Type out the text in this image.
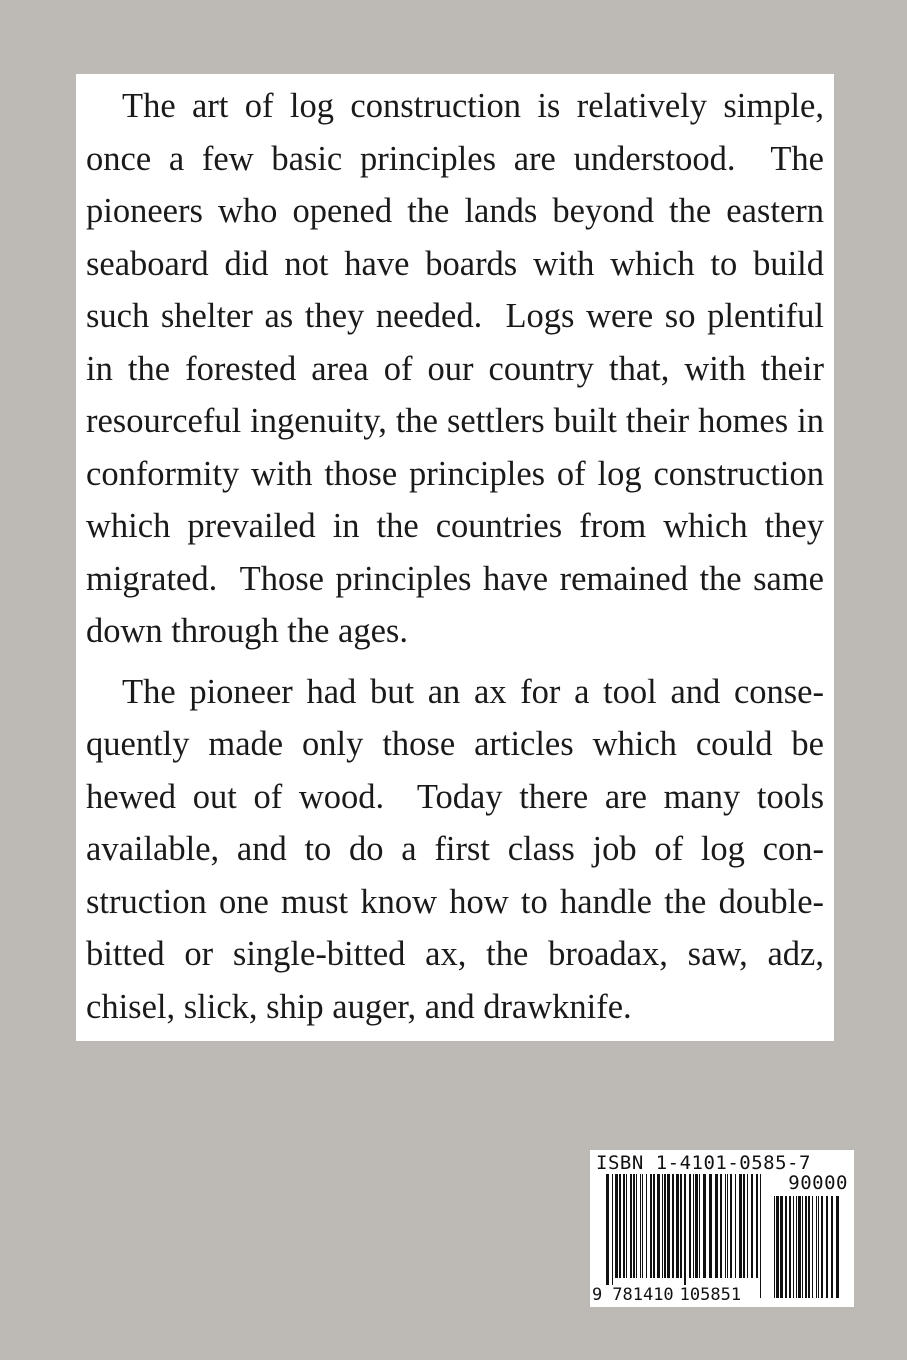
The art of log construction is relatively simple, once a few basic principles are understood.  The pioneers who opened the lands beyond the eastern seaboard did not have boards with which to build such shelter as they needed.  Logs were so plentiful in the forested area of our country that, with their resourceful ingenuity, the settlers built their homes in conformity with those principles of log construction which prevailed in the countries from which they migrated.  Those principles have remained the same down through the ages.

The pioneer had but an ax for a tool and consequently made only those articles which could be hewed out of wood.  Today there are many tools available, and to do a first class job of log construction one must know how to handle the double-bitted or single-bitted ax, the broadax, saw, adz, chisel, slick, ship auger, and drawknife.

ISBN 1-4101-0585-7
90000
9 781410 105851
